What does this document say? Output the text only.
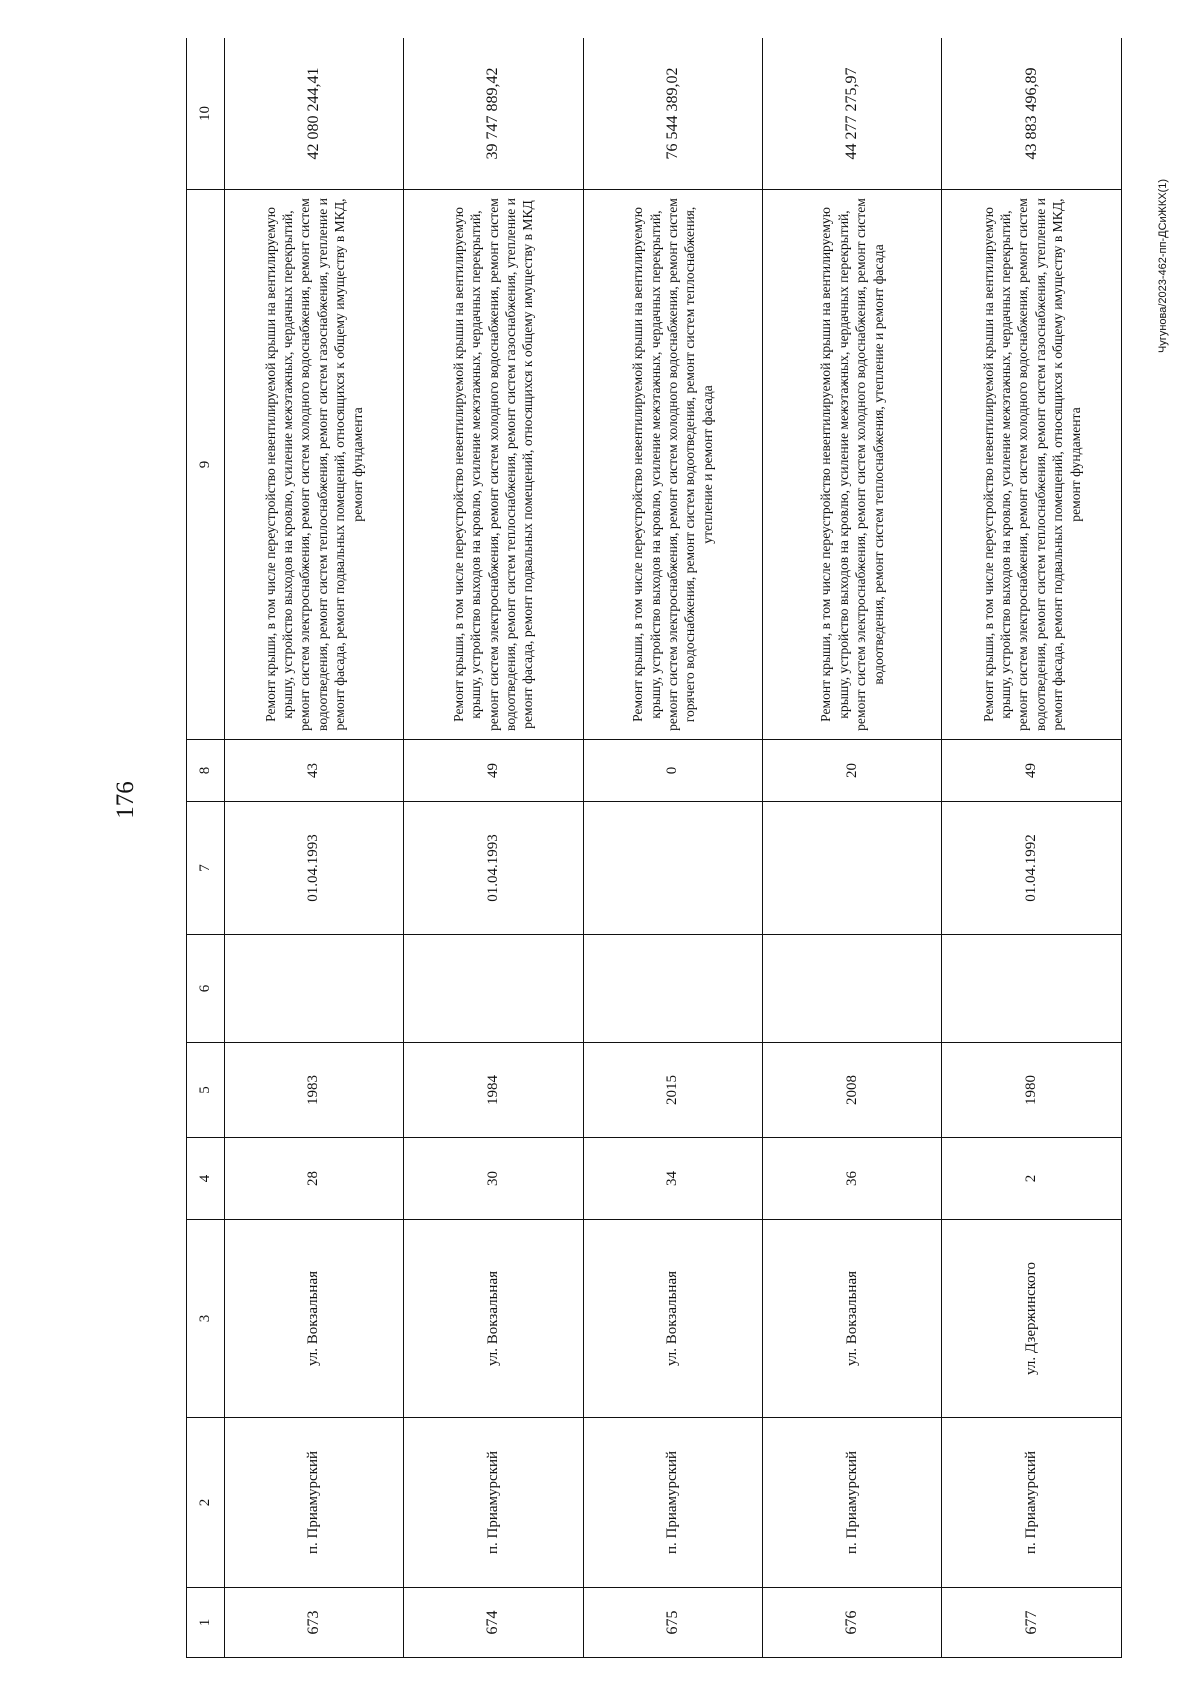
176
Чугунова/2023-462-пп-ДСиЖКХ(1)
1	2	3	4	5	6	7	8	9	10
673	п. Приамурский	ул. Вокзальная	28	1983		01.04.1993	43	Ремонт крыши, в том числе переустройство невентилируемой крыши на вентилируемую крышу, устройство выходов на кровлю, усиление межэтажных, чердачных перекрытий, ремонт систем электроснабжения, ремонт систем холодного водоснабжения, ремонт систем водоотведения, ремонт систем теплоснабжения, ремонт систем газоснабжения, утепление и ремонт фасада, ремонт подвальных помещений, относящихся к общему имуществу в МКД, ремонт фундамента	42 080 244,41
674	п. Приамурский	ул. Вокзальная	30	1984		01.04.1993	49	Ремонт крыши, в том числе переустройство невентилируемой крыши на вентилируемую крышу, устройство выходов на кровлю, усиление межэтажных, чердачных перекрытий, ремонт систем электроснабжения, ремонт систем холодного водоснабжения, ремонт систем водоотведения, ремонт систем теплоснабжения, ремонт систем газоснабжения, утепление и ремонт фасада, ремонт подвальных помещений, относящихся к общему имуществу в МКД	39 747 889,42
675	п. Приамурский	ул. Вокзальная	34	2015			0	Ремонт крыши, в том числе переустройство невентилируемой крыши на вентилируемую крышу, устройство выходов на кровлю, усиление межэтажных, чердачных перекрытий, ремонт систем электроснабжения, ремонт систем холодного водоснабжения, ремонт систем горячего водоснабжения, ремонт систем водоотведения, ремонт систем теплоснабжения, утепление и ремонт фасада	76 544 389,02
676	п. Приамурский	ул. Вокзальная	36	2008			20	Ремонт крыши, в том числе переустройство невентилируемой крыши на вентилируемую крышу, устройство выходов на кровлю, усиление межэтажных, чердачных перекрытий, ремонт систем электроснабжения, ремонт систем холодного водоснабжения, ремонт систем водоотведения, ремонт систем теплоснабжения, утепление и ремонт фасада	44 277 275,97
677	п. Приамурский	ул. Дзержинского	2	1980		01.04.1992	49	Ремонт крыши, в том числе переустройство невентилируемой крыши на вентилируемую крышу, устройство выходов на кровлю, усиление межэтажных, чердачных перекрытий, ремонт систем электроснабжения, ремонт систем холодного водоснабжения, ремонт систем водоотведения, ремонт систем теплоснабжения, ремонт систем газоснабжения, утепление и ремонт фасада, ремонт подвальных помещений, относящихся к общему имуществу в МКД, ремонт фундамента	43 883 496,89
